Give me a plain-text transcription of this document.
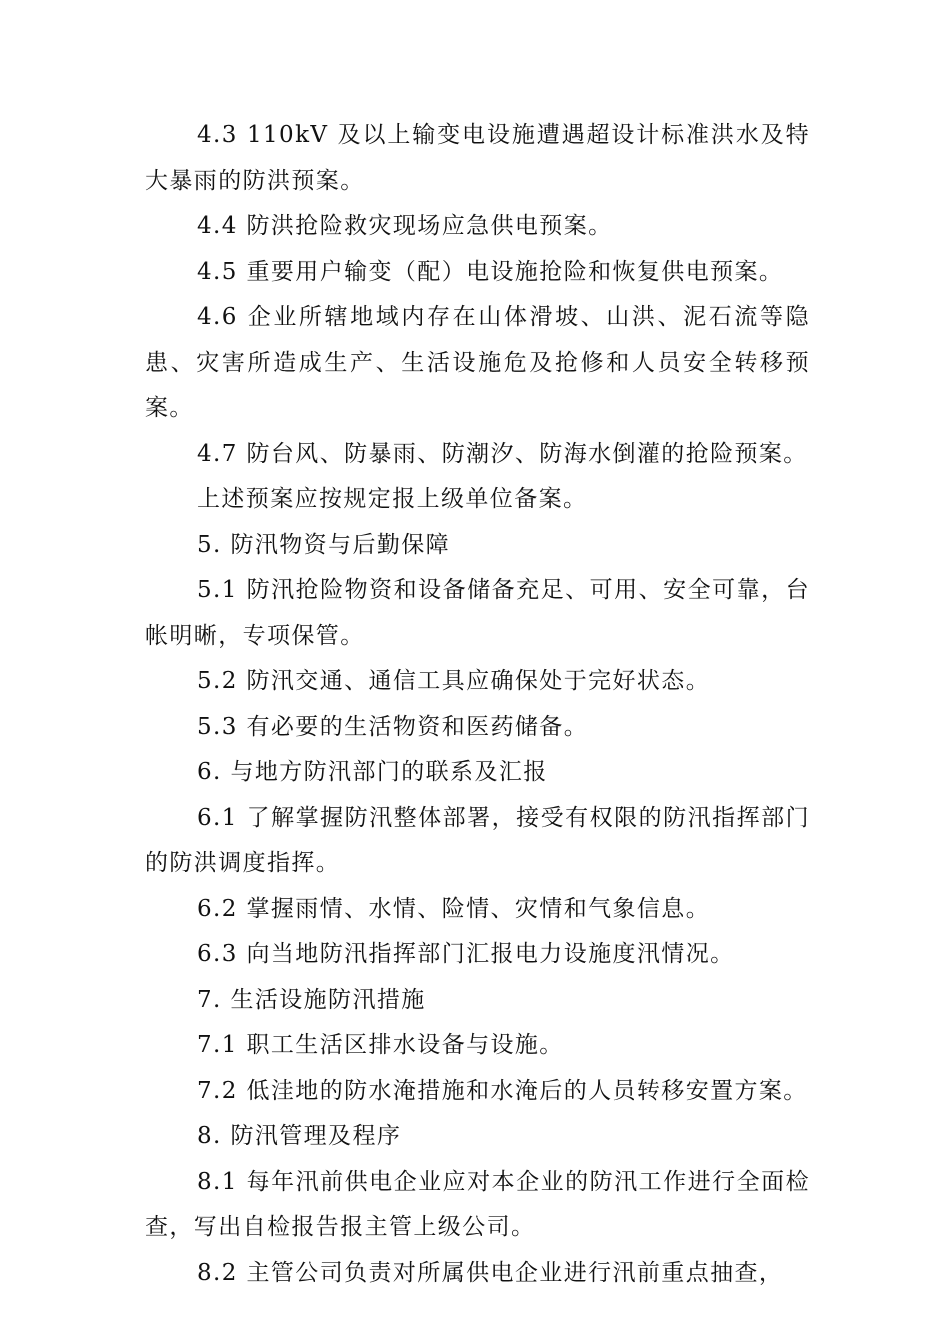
4.3 110kV 及以上输变电设施遭遇超设计标准洪水及特大暴雨的防洪预案。

4.4 防洪抢险救灾现场应急供电预案。

4.5 重要用户输变（配）电设施抢险和恢复供电预案。

4.6 企业所辖地域内存在山体滑坡、山洪、泥石流等隐患、灾害所造成生产、生活设施危及抢修和人员安全转移预案。

4.7 防台风、防暴雨、防潮汐、防海水倒灌的抢险预案。

上述预案应按规定报上级单位备案。

5. 防汛物资与后勤保障

5.1 防汛抢险物资和设备储备充足、可用、安全可靠，台帐明晰，专项保管。

5.2 防汛交通、通信工具应确保处于完好状态。

5.3 有必要的生活物资和医药储备。

6. 与地方防汛部门的联系及汇报

6.1 了解掌握防汛整体部署，接受有权限的防汛指挥部门的防洪调度指挥。

6.2 掌握雨情、水情、险情、灾情和气象信息。

6.3 向当地防汛指挥部门汇报电力设施度汛情况。

7. 生活设施防汛措施

7.1 职工生活区排水设备与设施。

7.2 低洼地的防水淹措施和水淹后的人员转移安置方案。

8. 防汛管理及程序

8.1 每年汛前供电企业应对本企业的防汛工作进行全面检查，写出自检报告报主管上级公司。

8.2 主管公司负责对所属供电企业进行汛前重点抽查，
